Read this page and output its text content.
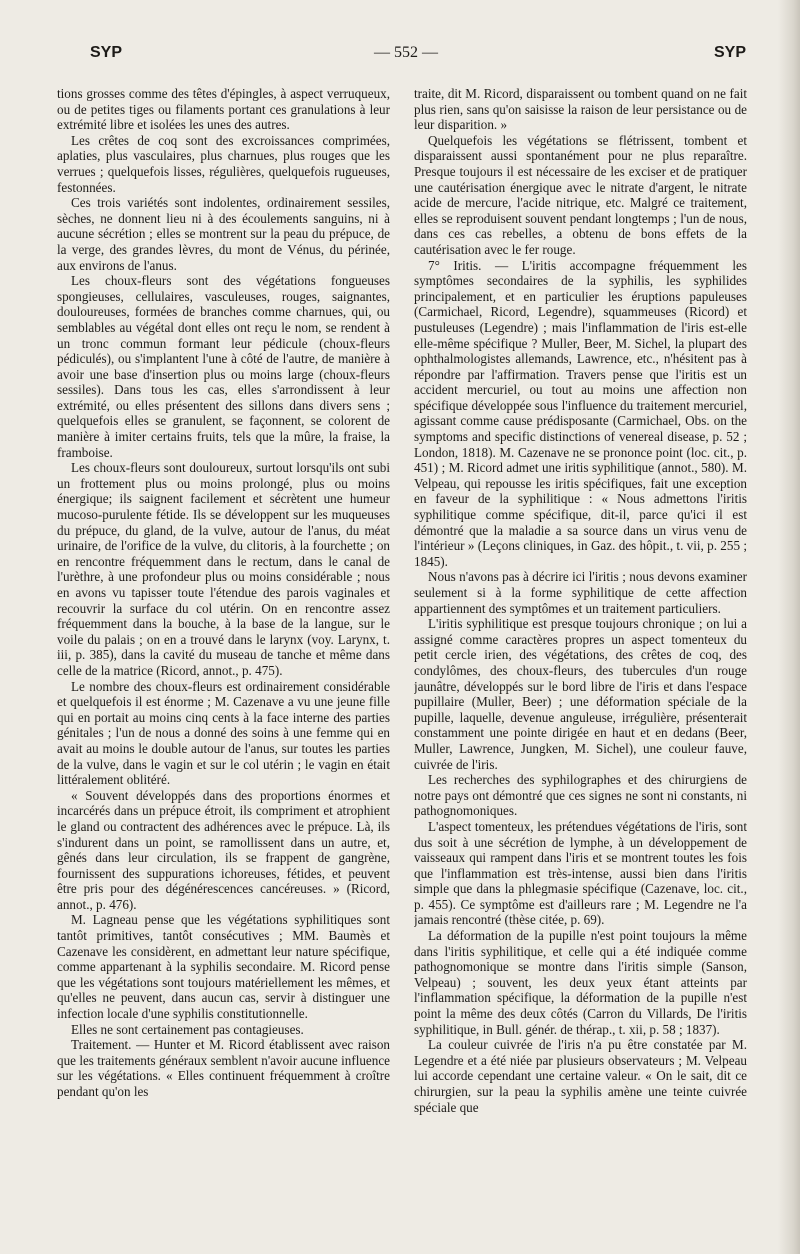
SYP	— 552 —	SYP

tions grosses comme des têtes d'épingles, à aspect verruqueux, ou de petites tiges ou filaments portant ces granulations à leur extrémité libre et isolées les unes des autres.

Les crêtes de coq sont des excroissances comprimées, aplaties, plus vasculaires, plus charnues, plus rouges que les verrues ; quelquefois lisses, régulières, quelquefois rugueuses, festonnées.

Ces trois variétés sont indolentes, ordinairement sessiles, sèches, ne donnent lieu ni à des écoulements sanguins, ni à aucune sécrétion ; elles se montrent sur la peau du prépuce, de la verge, des grandes lèvres, du mont de Vénus, du périnée, aux environs de l'anus.

Les choux-fleurs sont des végétations fongueuses spongieuses, cellulaires, vasculeuses, rouges, saignantes, douloureuses, formées de branches comme charnues, qui, ou semblables au végétal dont elles ont reçu le nom, se rendent à un tronc commun formant leur pédicule (choux-fleurs pédiculés), ou s'implantent l'une à côté de l'autre, de manière à avoir une base d'insertion plus ou moins large (choux-fleurs sessiles). Dans tous les cas, elles s'arrondissent à leur extrémité, ou elles présentent des sillons dans divers sens ; quelquefois elles se granulent, se façonnent, se colorent de manière à imiter certains fruits, tels que la mûre, la fraise, la framboise.

Les choux-fleurs sont douloureux, surtout lorsqu'ils ont subi un frottement plus ou moins prolongé, plus ou moins énergique; ils saignent facilement et sécrètent une humeur mucoso-purulente fétide. Ils se développent sur les muqueuses du prépuce, du gland, de la vulve, autour de l'anus, du méat urinaire, de l'orifice de la vulve, du clitoris, à la fourchette ; on en rencontre fréquemment dans le rectum, dans le canal de l'urèthre, à une profondeur plus ou moins considérable ; nous en avons vu tapisser toute l'étendue des parois vaginales et recouvrir la surface du col utérin. On en rencontre assez fréquemment dans la bouche, à la base de la langue, sur le voile du palais ; on en a trouvé dans le larynx (voy. Larynx, t. iii, p. 385), dans la cavité du museau de tanche et même dans celle de la matrice (Ricord, annot., p. 475).

Le nombre des choux-fleurs est ordinairement considérable et quelquefois il est énorme ; M. Cazenave a vu une jeune fille qui en portait au moins cinq cents à la face interne des parties génitales ; l'un de nous a donné des soins à une femme qui en avait au moins le double autour de l'anus, sur toutes les parties de la vulve, dans le vagin et sur le col utérin ; le vagin en était littéralement oblitéré.

« Souvent développés dans des proportions énormes et incarcérés dans un prépuce étroit, ils compriment et atrophient le gland ou contractent des adhérences avec le prépuce. Là, ils s'indurent dans un point, se ramollissent dans un autre, et, gênés dans leur circulation, ils se frappent de gangrène, fournissent des suppurations ichoreuses, fétides, et peuvent être pris pour des dégénérescences cancéreuses. » (Ricord, annot., p. 476).

M. Lagneau pense que les végétations syphilitiques sont tantôt primitives, tantôt consécutives ; MM. Baumès et Cazenave les considèrent, en admettant leur nature spécifique, comme appartenant à la syphilis secondaire. M. Ricord pense que les végétations sont toujours matériellement les mêmes, et qu'elles ne peuvent, dans aucun cas, servir à distinguer une infection locale d'une syphilis constitutionnelle.

Elles ne sont certainement pas contagieuses.

Traitement. — Hunter et M. Ricord établissent avec raison que les traitements généraux semblent n'avoir aucune influence sur les végétations. « Elles continuent fréquemment à croître pendant qu'on les

traite, dit M. Ricord, disparaissent ou tombent quand on ne fait plus rien, sans qu'on saisisse la raison de leur persistance ou de leur disparition. »

Quelquefois les végétations se flétrissent, tombent et disparaissent aussi spontanément pour ne plus reparaître. Presque toujours il est nécessaire de les exciser et de pratiquer une cautérisation énergique avec le nitrate d'argent, le nitrate acide de mercure, l'acide nitrique, etc. Malgré ce traitement, elles se reproduisent souvent pendant longtemps ; l'un de nous, dans ces cas rebelles, a obtenu de bons effets de la cautérisation avec le fer rouge.

7° Iritis. — L'iritis accompagne fréquemment les symptômes secondaires de la syphilis, les syphilides principalement, et en particulier les éruptions papuleuses (Carmichael, Ricord, Legendre), squammeuses (Ricord) et pustuleuses (Legendre) ; mais l'inflammation de l'iris est-elle elle-même spécifique ? Muller, Beer, M. Sichel, la plupart des ophthalmologistes allemands, Lawrence, etc., n'hésitent pas à répondre par l'affirmation. Travers pense que l'iritis est un accident mercuriel, ou tout au moins une affection non spécifique développée sous l'influence du traitement mercuriel, agissant comme cause prédisposante (Carmichael, Obs. on the symptoms and specific distinctions of venereal disease, p. 52 ; London, 1818). M. Cazenave ne se prononce point (loc. cit., p. 451) ; M. Ricord admet une iritis syphilitique (annot., 580). M. Velpeau, qui repousse les iritis spécifiques, fait une exception en faveur de la syphilitique : « Nous admettons l'iritis syphilitique comme spécifique, dit-il, parce qu'ici il est démontré que la maladie a sa source dans un virus venu de l'intérieur » (Leçons cliniques, in Gaz. des hôpit., t. vii, p. 255 ; 1845).

Nous n'avons pas à décrire ici l'iritis ; nous devons examiner seulement si à la forme syphilitique de cette affection appartiennent des symptômes et un traitement particuliers.

L'iritis syphilitique est presque toujours chronique ; on lui a assigné comme caractères propres un aspect tomenteux du petit cercle irien, des végétations, des crêtes de coq, des condylômes, des choux-fleurs, des tubercules d'un rouge jaunâtre, développés sur le bord libre de l'iris et dans l'espace pupillaire (Muller, Beer) ; une déformation spéciale de la pupille, laquelle, devenue anguleuse, irrégulière, présenterait constamment une pointe dirigée en haut et en dedans (Beer, Muller, Lawrence, Jungken, M. Sichel), une couleur fauve, cuivrée de l'iris.

Les recherches des syphilographes et des chirurgiens de notre pays ont démontré que ces signes ne sont ni constants, ni pathognomoniques.

L'aspect tomenteux, les prétendues végétations de l'iris, sont dus soit à une sécrétion de lymphe, à un développement de vaisseaux qui rampent dans l'iris et se montrent toutes les fois que l'inflammation est très-intense, aussi bien dans l'iritis simple que dans la phlegmasie spécifique (Cazenave, loc. cit., p. 455). Ce symptôme est d'ailleurs rare ; M. Legendre ne l'a jamais rencontré (thèse citée, p. 69).

La déformation de la pupille n'est point toujours la même dans l'iritis syphilitique, et celle qui a été indiquée comme pathognomonique se montre dans l'iritis simple (Sanson, Velpeau) ; souvent, les deux yeux étant atteints par l'inflammation spécifique, la déformation de la pupille n'est point la même des deux côtés (Carron du Villards, De l'iritis syphilitique, in Bull. génér. de thérap., t. xii, p. 58 ; 1837).

La couleur cuivrée de l'iris n'a pu être constatée par M. Legendre et a été niée par plusieurs observateurs ; M. Velpeau lui accorde cependant une certaine valeur. « On le sait, dit ce chirurgien, sur la peau la syphilis amène une teinte cuivrée spéciale que
